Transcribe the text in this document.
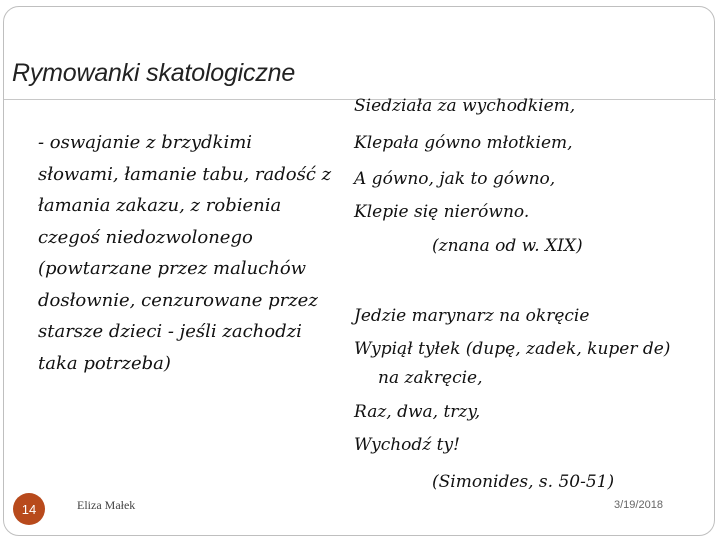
Rymowanki skatologiczne

- oswajanie z brzydkimi słowami, łamanie tabu, radość z łamania zakazu, z robienia czegoś niedozwolonego (powtarzane przez maluchów dosłownie, cenzurowane przez starsze dzieci - jeśli zachodzi taka potrzeba)

Siedziała za wychodkiem,
Klepała gówno młotkiem,
A gówno, jak to gówno,
Klepie się nierówno.
(znana od w. XIX)
Jedzie marynarz na okręcie
Wypiął tyłek (dupę, zadek, kuper de)
na zakręcie,
Raz, dwa, trzy,
Wychodź ty!
(Simonides, s. 50-51)
14	Eliza Małek	3/19/2018
